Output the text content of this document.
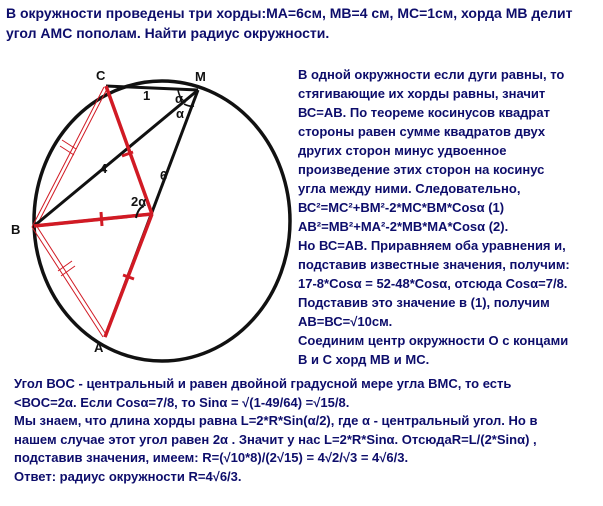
В окружности проведены три хорды:МА=6см, МВ=4 см, МС=1см, хорда МВ делит
угол АМС пополам. Найти радиус окружности.
C	M
B
A
1
4	6
α
α
2α
В одной окружности если дуги равны, то
стягивающие их хорды равны, значит
ВС=АВ. По теореме косинусов квадрат
стороны равен сумме квадратов двух
других сторон минус удвоенное
произведение этих сторон на косинус
угла между ними. Следовательно,
ВС²=МС²+ВМ²-2*МС*ВМ*Cosα (1)
АВ²=МВ²+МА²-2*МВ*МА*Cosα (2).
Но ВС=АВ. Приравняем оба уравнения и,
подставив известные значения, получим:
17-8*Cosα = 52-48*Cosα, отсюда Cosα=7/8.
Подставив это значение в (1), получим
АВ=ВС=√10см.
Соединим центр окружности О с концами
В и С хорд МВ и МС.
Угол ВОС - центральный и равен двойной градусной мере угла ВМС, то есть
<ВОС=2α. Если Cosα=7/8, то Sinα = √(1-49/64) =√15/8.
Мы знаем, что длина хорды равна L=2*R*Sin(α/2), где α - центральный угол. Но в
нашем случае этот угол равен 2α . Значит у нас L=2*R*Sinα. ОтсюдаR=L/(2*Sinα) ,
подставив значения, имеем: R=(√10*8)/(2√15) = 4√2/√3 = 4√6/3.
Ответ: радиус окружности R=4√6/3.
